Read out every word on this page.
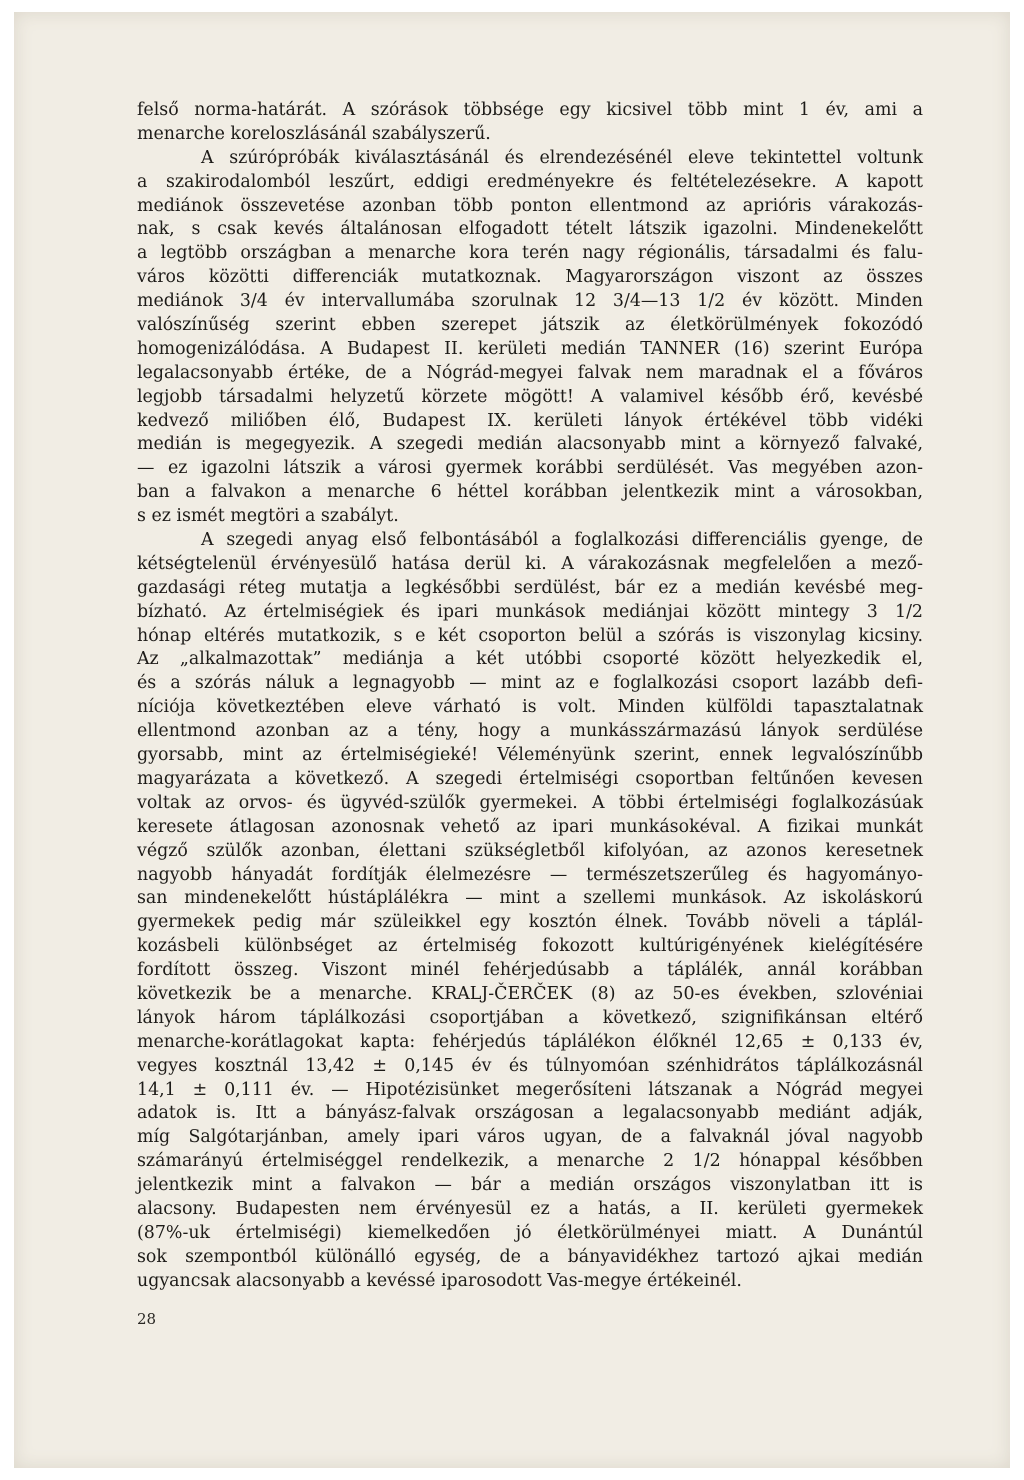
felső norma-határát. A szórások többsége egy kicsivel több mint 1 év, ami a
menarche koreloszlásánál szabályszerű.
A szúrópróbák kiválasztásánál és elrendezésénél eleve tekintettel voltunk
a szakirodalomból leszűrt, eddigi eredményekre és feltételezésekre. A kapott
mediánok összevetése azonban több ponton ellentmond az aprióris várakozás-
nak, s csak kevés általánosan elfogadott tételt látszik igazolni. Mindenekelőtt
a legtöbb országban a menarche kora terén nagy régionális, társadalmi és falu-
város közötti differenciák mutatkoznak. Magyarországon viszont az összes
mediánok 3/4 év intervallumába szorulnak 12 3/4—13 1/2 év között. Minden
valószínűség szerint ebben szerepet játszik az életkörülmények fokozódó
homogenizálódása. A Budapest II. kerületi medián TANNER (16) szerint Európa
legalacsonyabb értéke, de a Nógrád-megyei falvak nem maradnak el a főváros
legjobb társadalmi helyzetű körzete mögött! A valamivel később érő, kevésbé
kedvező miliőben élő, Budapest IX. kerületi lányok értékével több vidéki
medián is megegyezik. A szegedi medián alacsonyabb mint a környező falvaké,
— ez igazolni látszik a városi gyermek korábbi serdülését. Vas megyében azon-
ban a falvakon a menarche 6 héttel korábban jelentkezik mint a városokban,
s ez ismét megtöri a szabályt.
A szegedi anyag első felbontásából a foglalkozási differenciális gyenge, de
kétségtelenül érvényesülő hatása derül ki. A várakozásnak megfelelően a mező-
gazdasági réteg mutatja a legkésőbbi serdülést, bár ez a medián kevésbé meg-
bízható. Az értelmiségiek és ipari munkások mediánjai között mintegy 3 1/2
hónap eltérés mutatkozik, s e két csoporton belül a szórás is viszonylag kicsiny.
Az „alkalmazottak” mediánja a két utóbbi csoporté között helyezkedik el,
és a szórás náluk a legnagyobb — mint az e foglalkozási csoport lazább defi-
níciója következtében eleve várható is volt. Minden külföldi tapasztalatnak
ellentmond azonban az a tény, hogy a munkásszármazású lányok serdülése
gyorsabb, mint az értelmiségieké! Véleményünk szerint, ennek legvalószínűbb
magyarázata a következő. A szegedi értelmiségi csoportban feltűnően kevesen
voltak az orvos- és ügyvéd-szülők gyermekei. A többi értelmiségi foglalkozásúak
keresete átlagosan azonosnak vehető az ipari munkásokéval. A fizikai munkát
végző szülők azonban, élettani szükségletből kifolyóan, az azonos keresetnek
nagyobb hányadát fordítják élelmezésre — természetszerűleg és hagyományo-
san mindenekelőtt hústáplálékra — mint a szellemi munkások. Az iskoláskorú
gyermekek pedig már szüleikkel egy kosztón élnek. Tovább növeli a táplál-
kozásbeli különbséget az értelmiség fokozott kultúrigényének kielégítésére
fordított összeg. Viszont minél fehérjedúsabb a táplálék, annál korábban
következik be a menarche. KRALJ-ČERČEK (8) az 50-es években, szlovéniai
lányok három táplálkozási csoportjában a következő, szignifikánsan eltérő
menarche-korátlagokat kapta: fehérjedús táplálékon élőknél 12,65 ± 0,133 év,
vegyes kosztnál 13,42 ± 0,145 év és túlnyomóan szénhidrátos táplálkozásnál
14,1 ± 0,111 év. — Hipotézisünket megerősíteni látszanak a Nógrád megyei
adatok is. Itt a bányász-falvak országosan a legalacsonyabb mediánt adják,
míg Salgótarjánban, amely ipari város ugyan, de a falvaknál jóval nagyobb
számarányú értelmiséggel rendelkezik, a menarche 2 1/2 hónappal későbben
jelentkezik mint a falvakon — bár a medián országos viszonylatban itt is
alacsony. Budapesten nem érvényesül ez a hatás, a II. kerületi gyermekek
(87%-uk értelmiségi) kiemelkedően jó életkörülményei miatt. A Dunántúl
sok szempontból különálló egység, de a bányavidékhez tartozó ajkai medián
ugyancsak alacsonyabb a kevéssé iparosodott Vas-megye értékeinél.
28
